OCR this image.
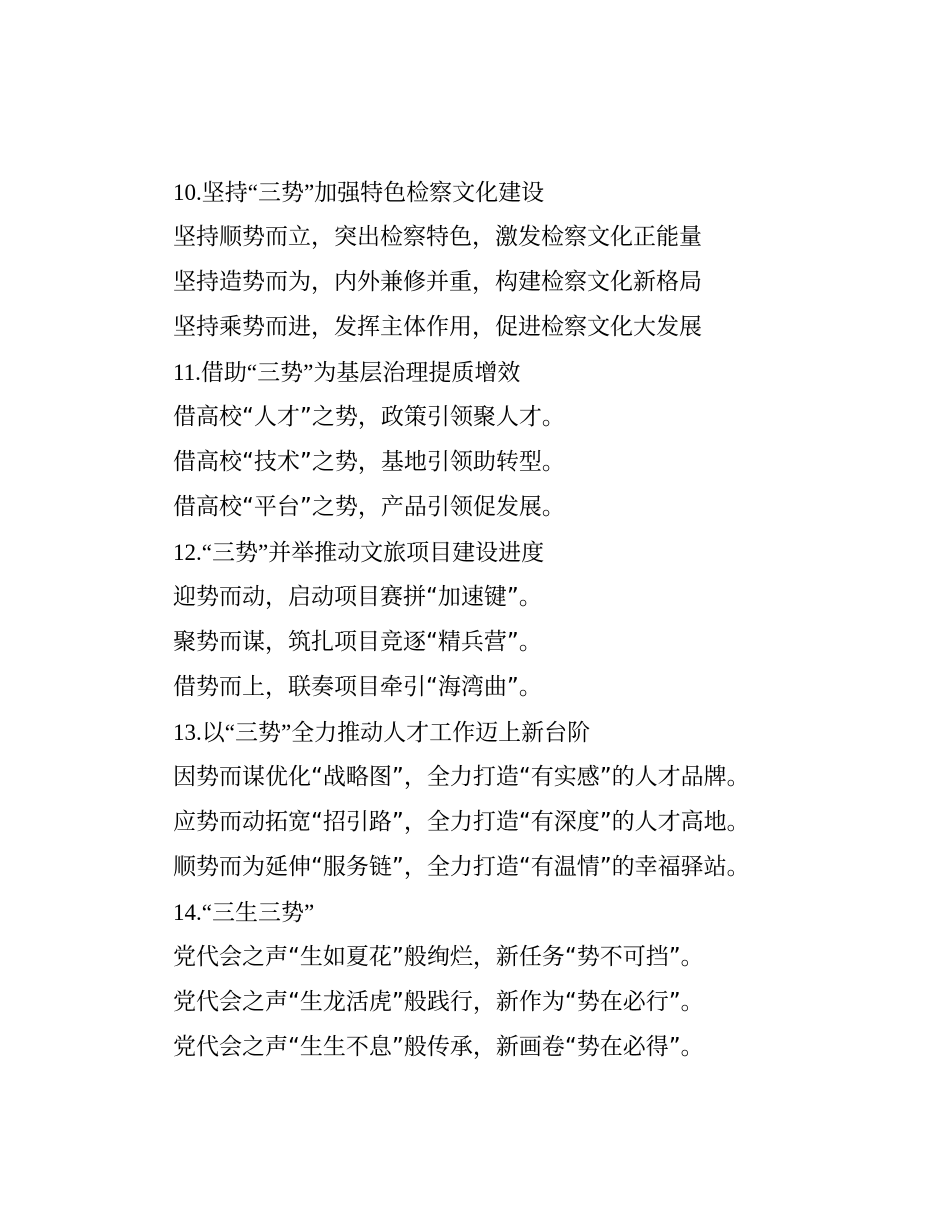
10.坚持“三势”加强特色检察文化建设
坚持顺势而立，突出检察特色，激发检察文化正能量
坚持造势而为，内外兼修并重，构建检察文化新格局
坚持乘势而进，发挥主体作用，促进检察文化大发展
11.借助“三势”为基层治理提质增效
借高校“人才”之势，政策引领聚人才。
借高校“技术”之势，基地引领助转型。
借高校“平台”之势，产品引领促发展。
12.“三势”并举推动文旅项目建设进度
迎势而动，启动项目赛拼“加速键”。
聚势而谋，筑扎项目竞逐“精兵营”。
借势而上，联奏项目牵引“海湾曲”。
13.以“三势”全力推动人才工作迈上新台阶
因势而谋优化“战略图”，全力打造“有实感”的人才品牌。
应势而动拓宽“招引路”，全力打造“有深度”的人才高地。
顺势而为延伸“服务链”，全力打造“有温情”的幸福驿站。
14.“三生三势”
党代会之声“生如夏花”般绚烂，新任务“势不可挡”。
党代会之声“生龙活虎”般践行，新作为“势在必行”。
党代会之声“生生不息”般传承，新画卷“势在必得”。
